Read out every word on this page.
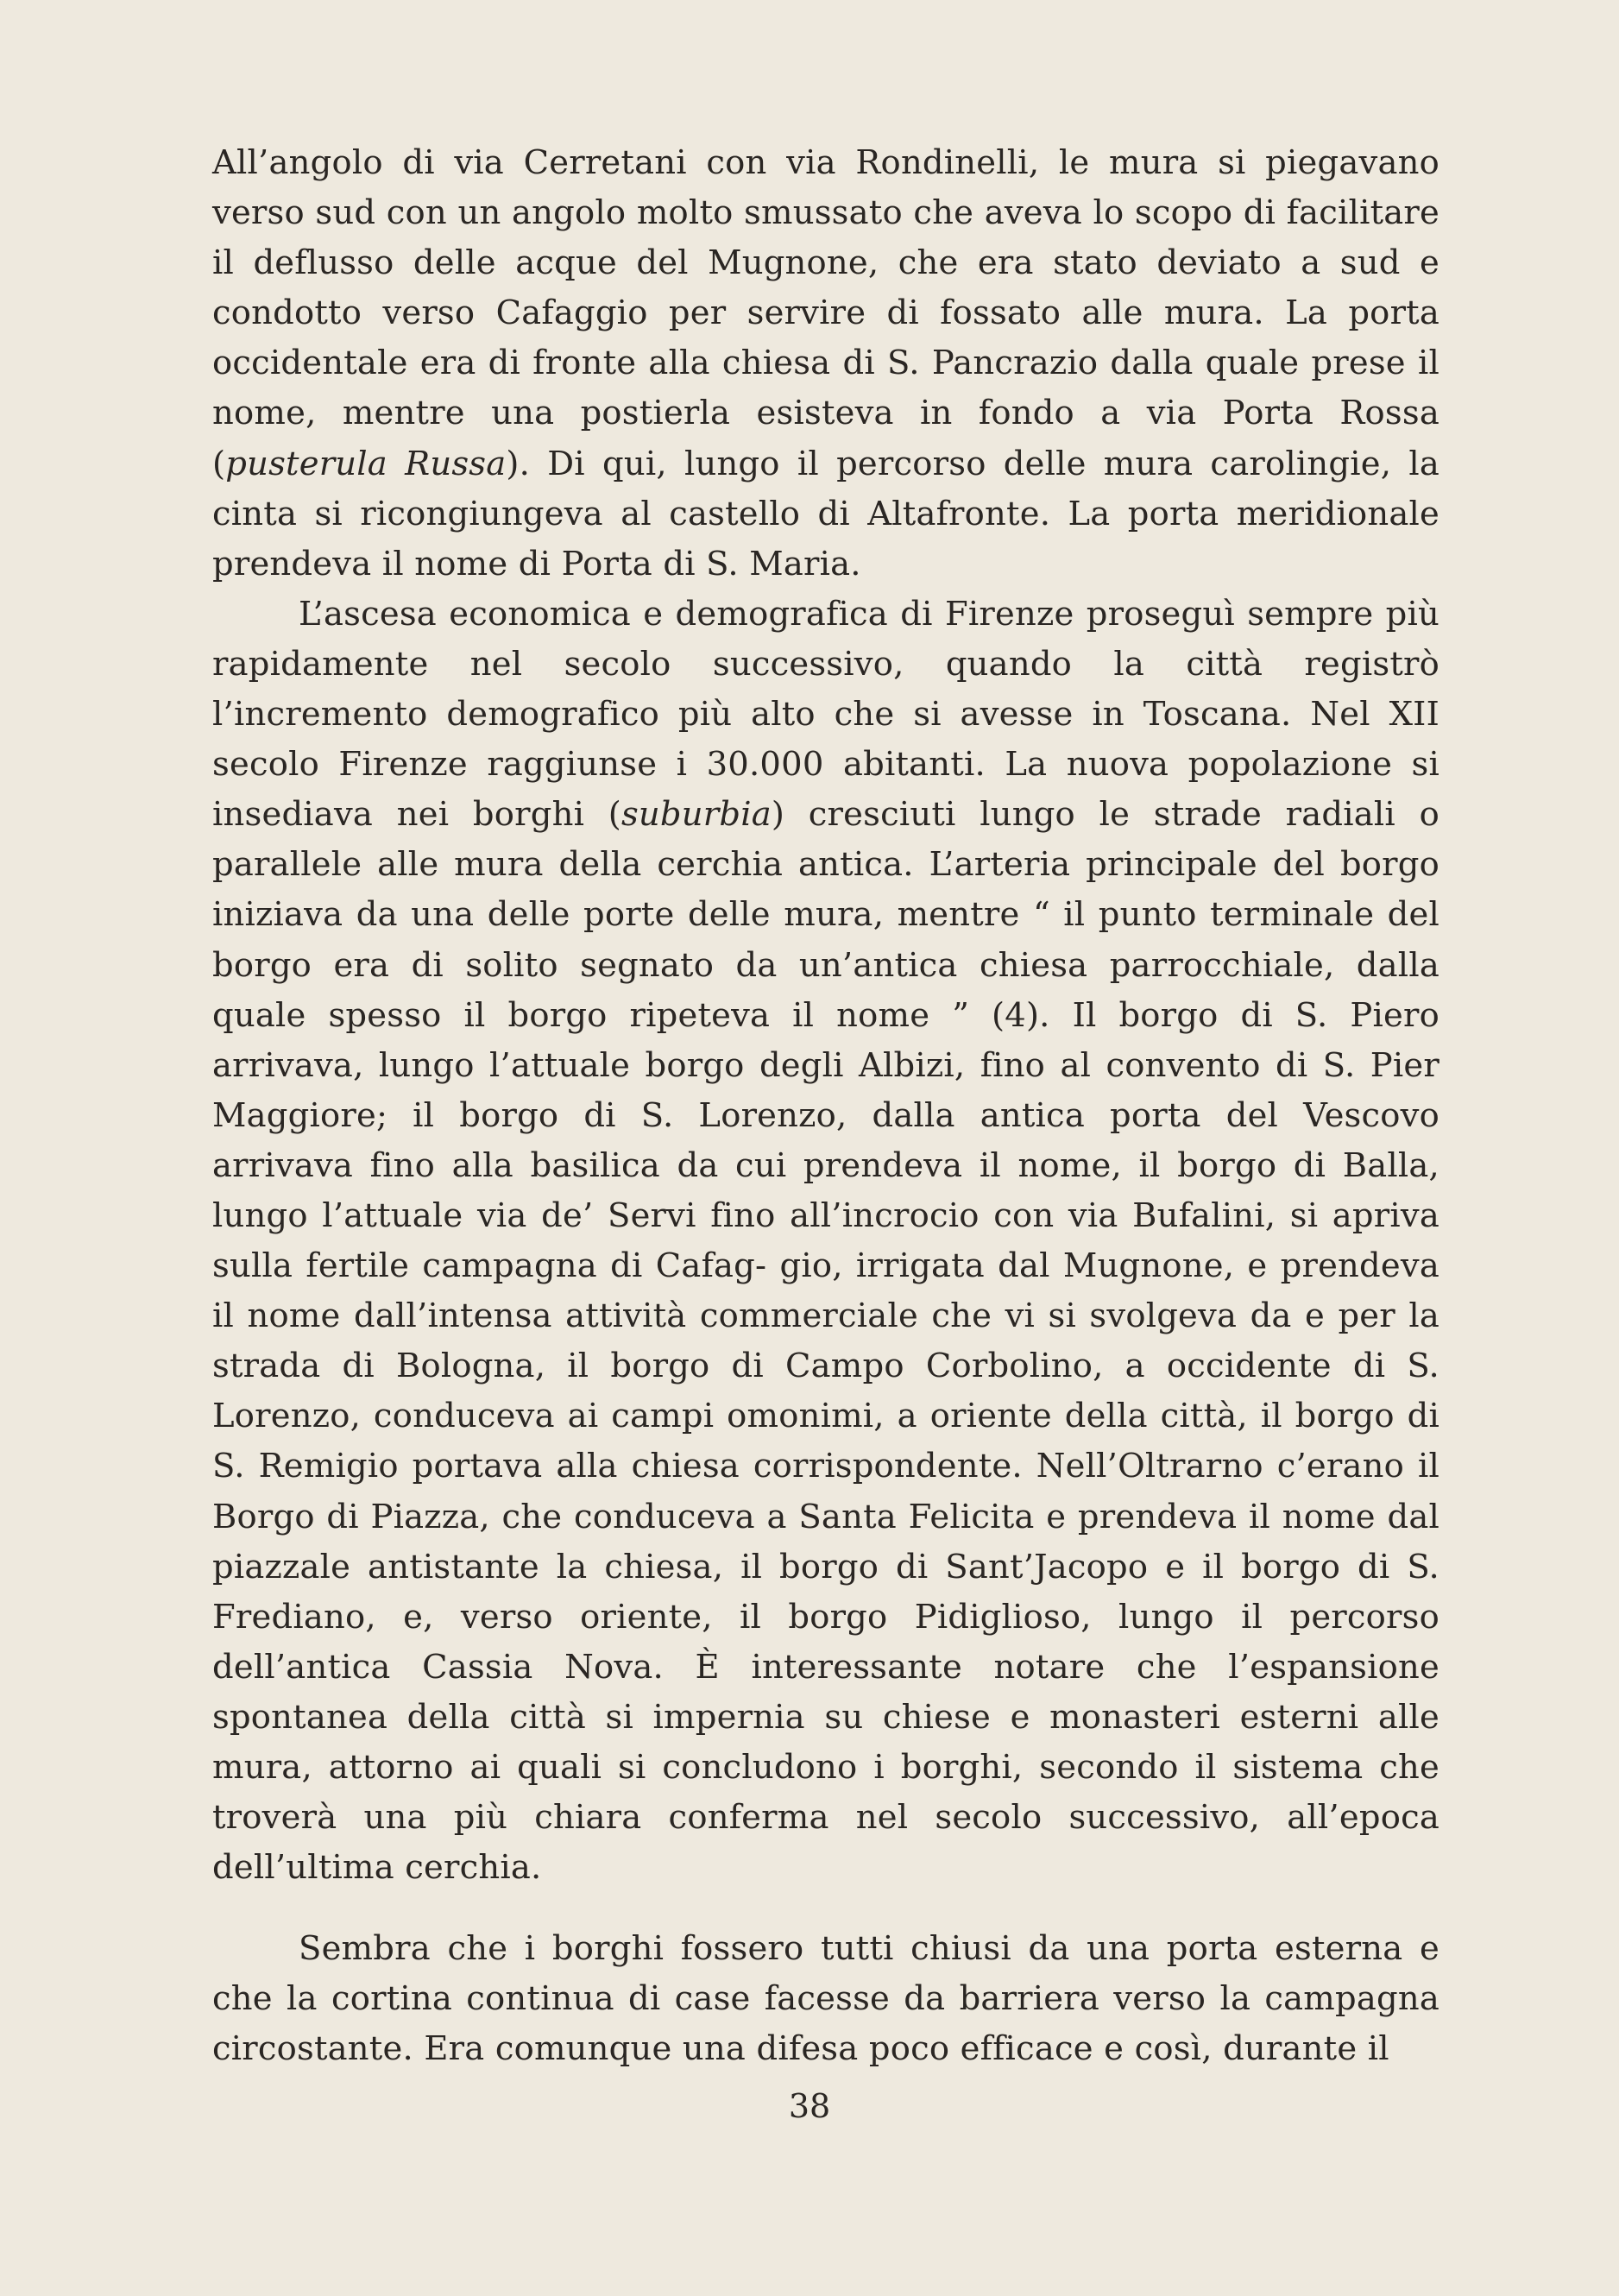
All’angolo di via Cerretani con via Rondinelli, le mura si piegavano verso sud con un angolo molto smussato che aveva lo scopo di facilitare il deflusso delle acque del Mugnone, che era stato deviato a sud e condotto verso Cafaggio per servire di fossato alle mura. La porta occidentale era di fronte alla chiesa di S. Pancrazio dalla quale prese il nome, mentre una postierla esisteva in fondo a via Porta Rossa (pusterula Russa). Di qui, lungo il percorso delle mura carolingie, la cinta si ricongiungeva al castello di Altafronte. La porta meridionale prendeva il nome di Porta di S. Maria.

L’ascesa economica e demografica di Firenze proseguì sempre più rapidamente nel secolo successivo, quando la città registrò l’incremento demografico più alto che si avesse in Toscana. Nel XII secolo Firenze raggiunse i 30.000 abitanti. La nuova popolazione si insediava nei borghi (suburbia) cresciuti lungo le strade radiali o parallele alle mura della cerchia antica. L’arteria principale del borgo iniziava da una delle porte delle mura, mentre “ il punto terminale del borgo era di solito segnato da un’antica chiesa parrocchiale, dalla quale spesso il borgo ripeteva il nome ” (4). Il borgo di S. Piero arrivava, lungo l’attuale borgo degli Albizi, fino al convento di S. Pier Maggiore; il borgo di S. Lorenzo, dalla antica porta del Vescovo arrivava fino alla basilica da cui prendeva il nome, il borgo di Balla, lungo l’attuale via de’ Servi fino all’incrocio con via Bufalini, si apriva sulla fertile campagna di Cafag- gio, irrigata dal Mugnone, e prendeva il nome dall’intensa attività commerciale che vi si svolgeva da e per la strada di Bologna, il borgo di Campo Corbolino, a occidente di S. Lorenzo, conduceva ai campi omonimi, a oriente della città, il borgo di S. Remigio portava alla chiesa corrispondente. Nell’Oltrarno c’erano il Borgo di Piazza, che conduceva a Santa Felicita e prendeva il nome dal piazzale antistante la chiesa, il borgo di Sant’Jacopo e il borgo di S. Frediano, e, verso oriente, il borgo Pidiglioso, lungo il percorso dell’antica Cassia Nova. È interessante notare che l’espansione spontanea della città si impernia su chiese e monasteri esterni alle mura, attorno ai quali si concludono i borghi, secondo il sistema che troverà una più chiara conferma nel secolo successivo, all’epoca dell’ultima cerchia.

Sembra che i borghi fossero tutti chiusi da una porta esterna e che la cortina continua di case facesse da barriera verso la campagna circostante. Era comunque una difesa poco efficace e così, durante il

38
